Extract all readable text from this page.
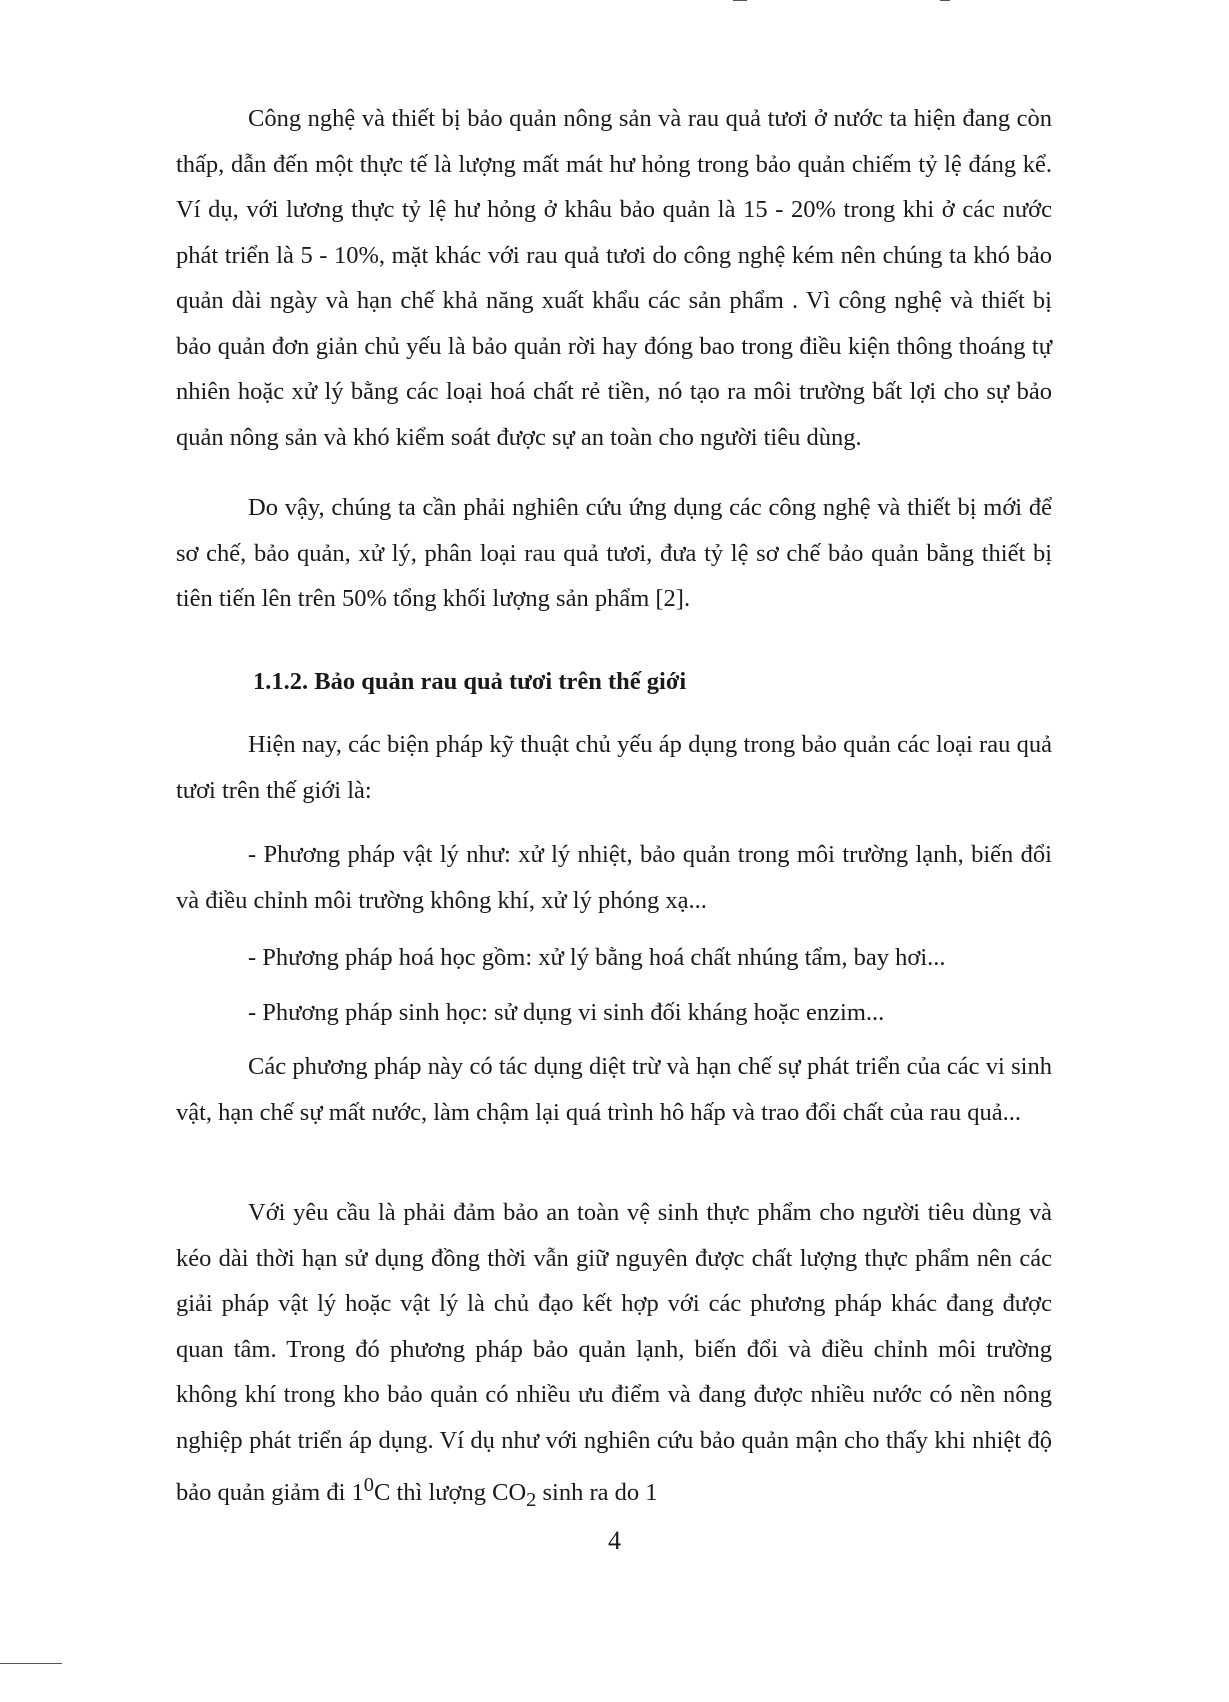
Công nghệ và thiết bị bảo quản nông sản và rau quả tươi ở nước ta hiện đang còn thấp, dẫn đến một thực tế là lượng mất mát hư hỏng trong bảo quản chiếm tỷ lệ đáng kể. Ví dụ, với lương thực tỷ lệ hư hỏng ở khâu bảo quản là 15 - 20% trong khi ở các nước phát triển là 5 - 10%, mặt khác với rau quả tươi do công nghệ kém nên chúng ta khó bảo quản dài ngày và hạn chế khả năng xuất khẩu các sản phẩm . Vì công nghệ và thiết bị bảo quản đơn giản chủ yếu là bảo quản rời hay đóng bao trong điều kiện thông thoáng tự nhiên hoặc xử lý bằng các loại hoá chất rẻ tiền, nó tạo ra môi trường bất lợi cho sự bảo quản nông sản và khó kiểm soát được sự an toàn cho người tiêu dùng.

Do vậy, chúng ta cần phải nghiên cứu ứng dụng các công nghệ và thiết bị mới để sơ chế, bảo quản, xử lý, phân loại rau quả tươi, đưa tỷ lệ sơ chế bảo quản bằng thiết bị tiên tiến lên trên 50% tổng khối lượng sản phẩm [2].

1.1.2. Bảo quản rau quả tươi trên thế giới

Hiện nay, các biện pháp kỹ thuật chủ yếu áp dụng trong bảo quản các loại rau quả tươi trên thế giới là:

- Phương pháp vật lý như: xử lý nhiệt, bảo quản trong môi trường lạnh, biến đổi và điều chỉnh môi trường không khí, xử lý phóng xạ...

- Phương pháp hoá học gồm: xử lý bằng hoá chất nhúng tẩm, bay hơi...

- Phương pháp sinh học: sử dụng vi sinh đối kháng hoặc enzim...

Các phương pháp này có tác dụng diệt trừ và hạn chế sự phát triển của các vi sinh vật, hạn chế sự mất nước, làm chậm lại quá trình hô hấp và trao đổi chất của rau quả...

Với yêu cầu là phải đảm bảo an toàn vệ sinh thực phẩm cho người tiêu dùng và kéo dài thời hạn sử dụng đồng thời vẫn giữ nguyên được chất lượng thực phẩm nên các giải pháp vật lý hoặc vật lý là chủ đạo kết hợp với các phương pháp khác đang được quan tâm. Trong đó phương pháp bảo quản lạnh, biến đổi và điều chỉnh môi trường không khí trong kho bảo quản có nhiều ưu điểm và đang được nhiều nước có nền nông nghiệp phát triển áp dụng. Ví dụ như với nghiên cứu bảo quản mận cho thấy khi nhiệt độ bảo quản giảm đi $1^0C$ thì lượng $CO_2$ sinh ra do 1

4
